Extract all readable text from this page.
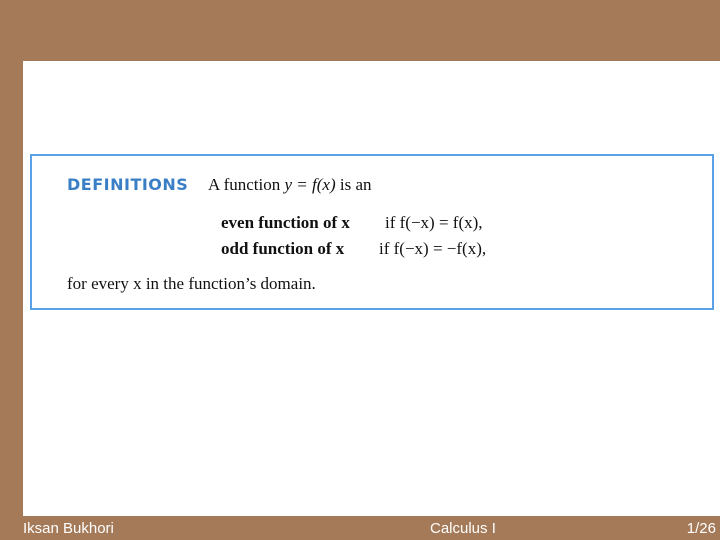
DEFINITIONS A function y = f(x) is an
even function of x if f(−x) = f(x),
odd function of x if f(−x) = −f(x),
for every x in the function’s domain.
Iksan Bukhori	Calculus I	1/26
